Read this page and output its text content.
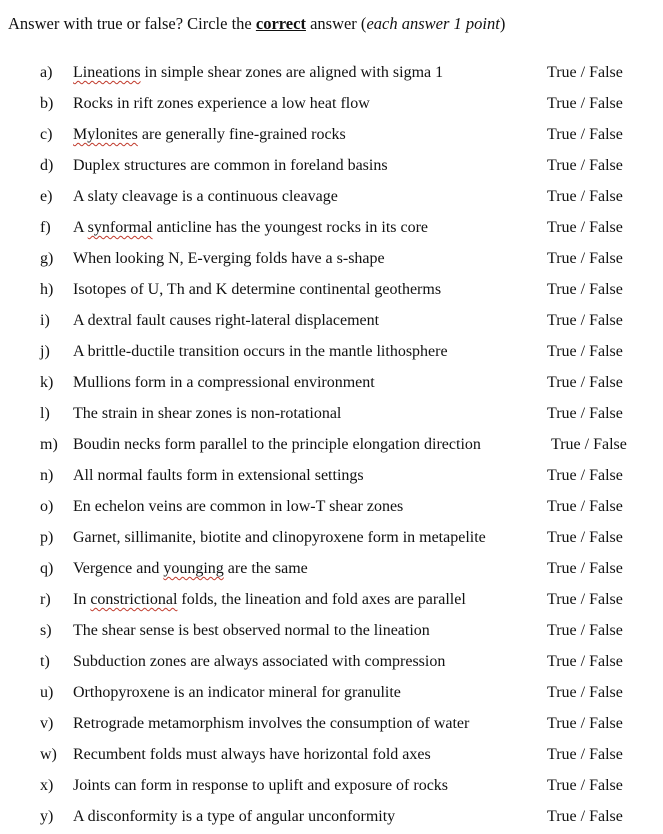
Answer with true or false? Circle the correct answer (each answer 1 point)
a) Lineations in simple shear zones are aligned with sigma 1	True / False
b) Rocks in rift zones experience a low heat flow	True / False
c) Mylonites are generally fine-grained rocks	True / False
d) Duplex structures are common in foreland basins	True / False
e) A slaty cleavage is a continuous cleavage	True / False
f) A synformal anticline has the youngest rocks in its core	True / False
g) When looking N, E-verging folds have a s-shape	True / False
h) Isotopes of U, Th and K determine continental geotherms	True / False
i) A dextral fault causes right-lateral displacement	True / False
j) A brittle-ductile transition occurs in the mantle lithosphere	True / False
k) Mullions form in a compressional environment	True / False
l) The strain in shear zones is non-rotational	True / False
m) Boudin necks form parallel to the principle elongation direction	True / False
n) All normal faults form in extensional settings	True / False
o) En echelon veins are common in low-T shear zones	True / False
p) Garnet, sillimanite, biotite and clinopyroxene form in metapelite	True / False
q) Vergence and younging are the same	True / False
r) In constrictional folds, the lineation and fold axes are parallel	True / False
s) The shear sense is best observed normal to the lineation	True / False
t) Subduction zones are always associated with compression	True / False
u) Orthopyroxene is an indicator mineral for granulite	True / False
v) Retrograde metamorphism involves the consumption of water	True / False
w) Recumbent folds must always have horizontal fold axes	True / False
x) Joints can form in response to uplift and exposure of rocks	True / False
y) A disconformity is a type of angular unconformity	True / False
